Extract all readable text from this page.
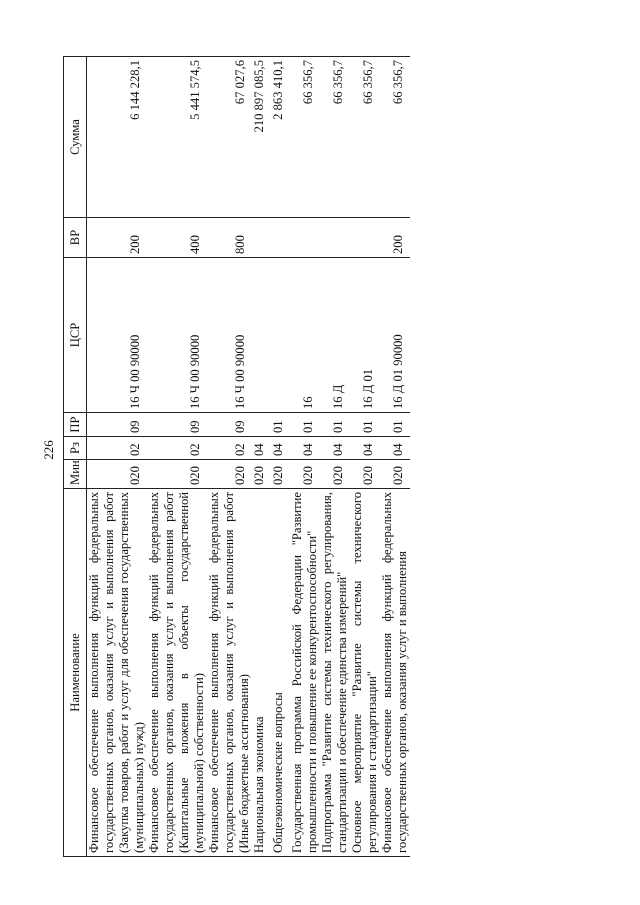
226
Наименование	Мин	Рз	ПР	ЦСР	ВР	Сумма
Финансовое обеспечение выполнения функций федеральных государственных органов, оказания услуг и выполнения работ (Закупка товаров, работ и услуг для обеспечения государственных (муниципальных) нужд)	020	02	09	16 Ч 00 90000	200	6 144 228,1
Финансовое обеспечение выполнения функций федеральных государственных органов, оказания услуг и выполнения работ (Капитальные вложения в объекты государственной (муниципальной) собственности)	020	02	09	16 Ч 00 90000	400	5 441 574,5
Финансовое обеспечение выполнения функций федеральных государственных органов, оказания услуг и выполнения работ (Иные бюджетные ассигнования)	020	02	09	16 Ч 00 90000	800	67 027,6
Национальная экономика	020	04				210 897 085,5
Общеэкономические вопросы	020	04	01			2 863 410,1
Государственная программа Российской Федерации "Развитие промышленности и повышение ее конкурентоспособности"	020	04	01	16		66 356,7
Подпрограмма "Развитие системы технического регулирования, стандартизации и обеспечение единства измерений"	020	04	01	16 Д		66 356,7
Основное мероприятие "Развитие системы технического регулирования и стандартизации"	020	04	01	16 Д 01		66 356,7
Финансовое обеспечение выполнения функций федеральных государственных органов, оказания услуг и выполнения	020	04	01	16 Д 01 90000	200	66 356,7
